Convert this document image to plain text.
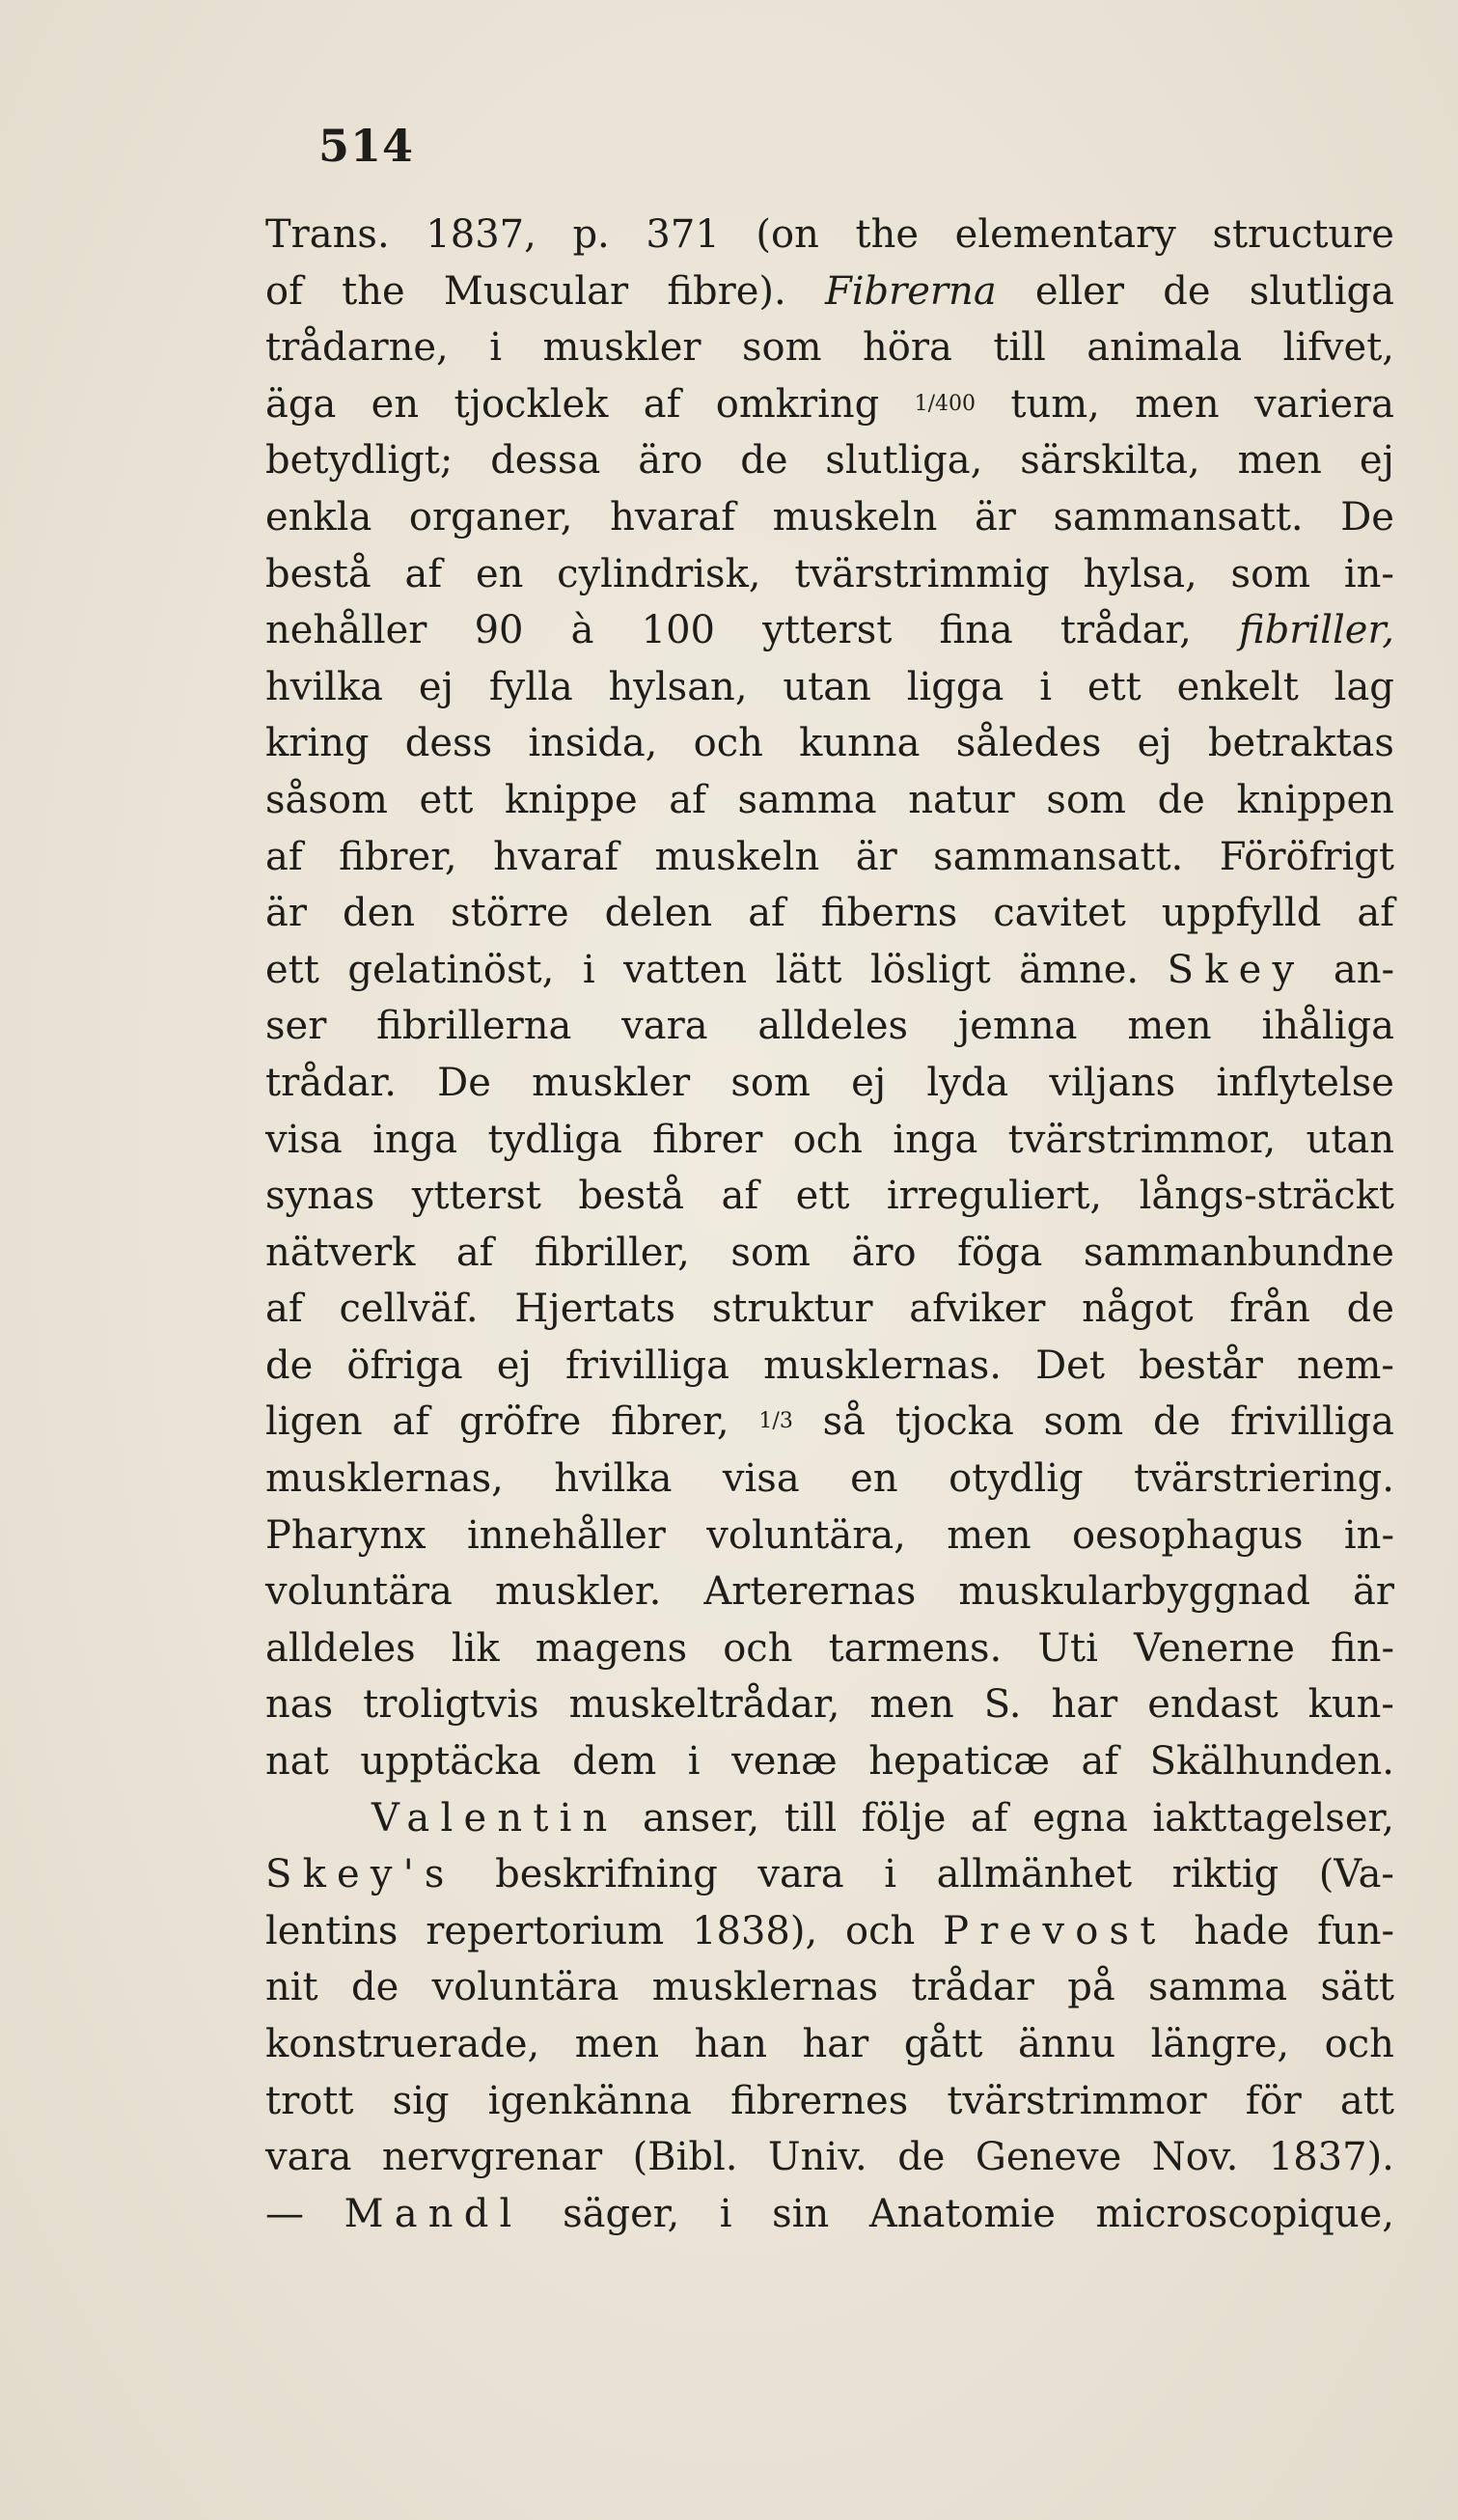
514
Trans. 1837, p. 371 (on the elementary structure
of the Muscular fibre). Fibrerna eller de slutliga
trådarne, i muskler som höra till animala lifvet,
äga en tjocklek af omkring 1/400 tum, men variera
betydligt; dessa äro de slutliga, särskilta, men ej
enkla organer, hvaraf muskeln är sammansatt. De
bestå af en cylindrisk, tvärstrimmig hylsa, som in-
nehåller 90 à 100 ytterst fina trådar, fibriller,
hvilka ej fylla hylsan, utan ligga i ett enkelt lag
kring dess insida, och kunna således ej betraktas
såsom ett knippe af samma natur som de knippen
af fibrer, hvaraf muskeln är sammansatt. Föröfrigt
är den större delen af fiberns cavitet uppfylld af
ett gelatinöst, i vatten lätt lösligt ämne. Skey an-
ser fibrillerna vara alldeles jemna men ihåliga
trådar. De muskler som ej lyda viljans inflytelse
visa inga tydliga fibrer och inga tvärstrimmor, utan
synas ytterst bestå af ett irreguliert, långs-sträckt
nätverk af fibriller, som äro föga sammanbundne
af cellväf. Hjertats struktur afviker något från de
de öfriga ej frivilliga musklernas. Det består nem-
ligen af gröfre fibrer, 1/3 så tjocka som de frivilliga
musklernas, hvilka visa en otydlig tvärstriering.
Pharynx innehåller voluntära, men oesophagus in-
voluntära muskler. Arterernas muskularbyggnad är
alldeles lik magens och tarmens. Uti Venerne fin-
nas troligtvis muskeltrådar, men S. har endast kun-
nat upptäcka dem i venæ hepaticæ af Skälhunden.
Valentin anser, till följe af egna iakttagelser,
Skey's beskrifning vara i allmänhet riktig (Va-
lentins repertorium 1838), och Prevost hade fun-
nit de voluntära musklernas trådar på samma sätt
konstruerade, men han har gått ännu längre, och
trott sig igenkänna fibrernes tvärstrimmor för att
vara nervgrenar (Bibl. Univ. de Geneve Nov. 1837).
— Mandl säger, i sin Anatomie microscopique,
